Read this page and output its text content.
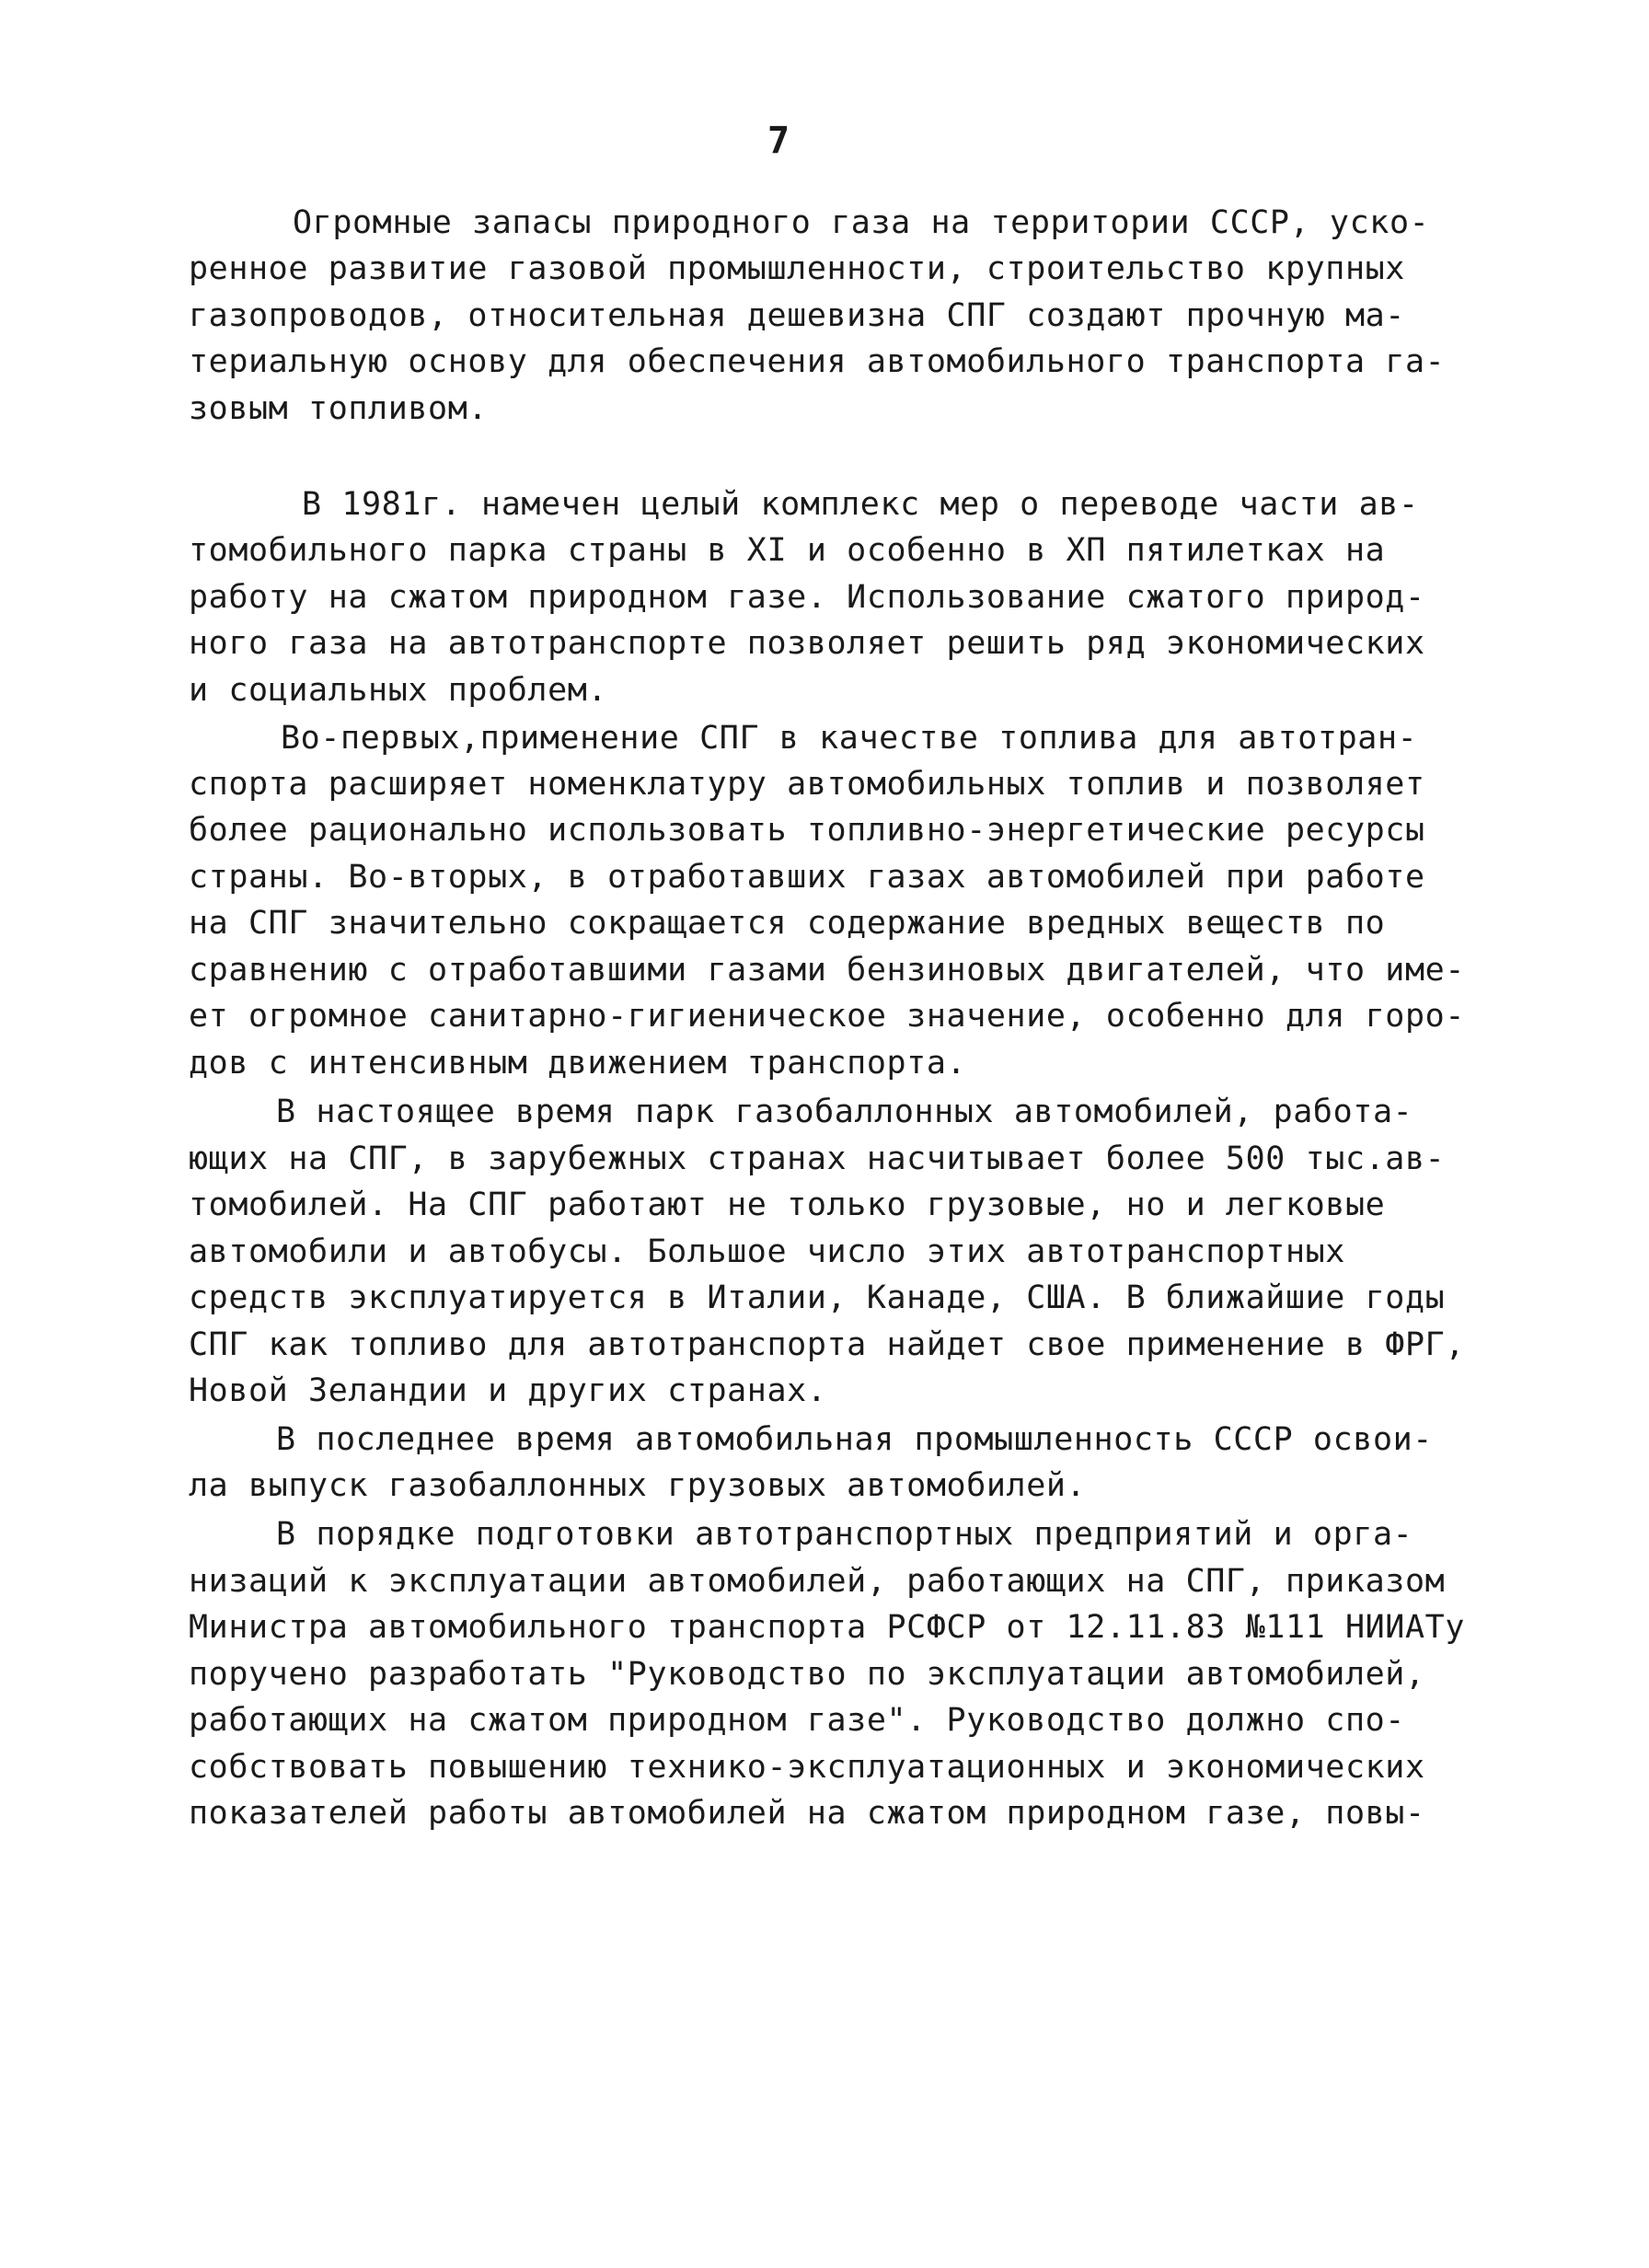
7
Огромные запасы природного газа на территории СССР, уско-
ренное развитие газовой промышленности, строительство крупных
газопроводов, относительная дешевизна СПГ создают прочную ма-
териальную основу для обеспечения автомобильного транспорта га-
зовым топливом.
В 1981г. намечен целый комплекс мер о переводе части ав-
томобильного парка страны в XI и особенно в XП пятилетках на
работу на сжатом природном газе. Использование сжатого природ-
ного газа на автотранспорте позволяет решить ряд экономических
и социальных проблем.
Во-первых,применение СПГ в качестве топлива для автотран-
спорта расширяет номенклатуру автомобильных топлив и позволяет
более рационально использовать топливно-энергетические ресурсы
страны. Во-вторых, в отработавших газах автомобилей при работе
на СПГ значительно сокращается содержание вредных веществ по
сравнению с отработавшими газами бензиновых двигателей, что име-
ет огромное санитарно-гигиеническое значение, особенно для горо-
дов с интенсивным движением транспорта.
В настоящее время парк газобаллонных автомобилей, работа-
ющих на СПГ, в зарубежных странах насчитывает более 500 тыс.ав-
томобилей. На СПГ работают не только грузовые, но и легковые
автомобили и автобусы. Большое число этих автотранспортных
средств эксплуатируется в Италии, Канаде, США. В ближайшие годы
СПГ как топливо для автотранспорта найдет свое применение в ФРГ,
Новой Зеландии и других странах.
В последнее время автомобильная промышленность СССР освои-
ла выпуск газобаллонных грузовых автомобилей.
В порядке подготовки автотранспортных предприятий и орга-
низаций к эксплуатации автомобилей, работающих на СПГ, приказом
Министра автомобильного транспорта РСФСР от 12.11.83 №111 НИИАТу
поручено разработать "Руководство по эксплуатации автомобилей,
работающих на сжатом природном газе". Руководство должно спо-
собствовать повышению технико-эксплуатационных и экономических
показателей работы автомобилей на сжатом природном газе, повы-
